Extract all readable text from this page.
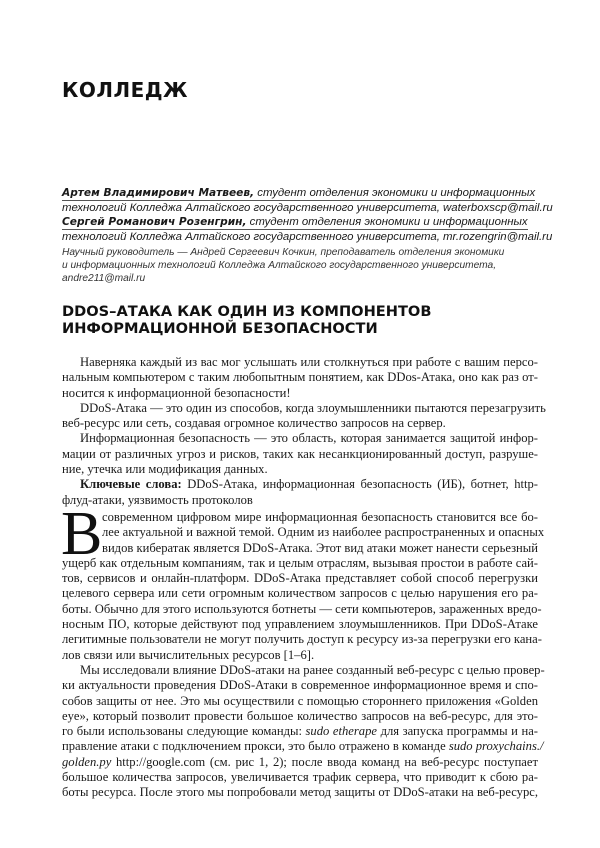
КОЛЛЕДЖ
Артем Владимирович Матвеев, студент отделения экономики и информационных
технологий Колледжа Алтайского государственного университета, waterboxscp@mail.ru
Сергей Романович Розенгрин, студент отделения экономики и информационных
технологий Колледжа Алтайского государственного университета, mr.rozengrin@mail.ru
Научный руководитель — Андрей Сергеевич Кочкин, преподаватель отделения экономики
и информационных технологий Колледжа Алтайского государственного университета,
andre211@mail.ru
DDOS–АТАКА КАК ОДИН ИЗ КОМПОНЕНТОВ
ИНФОРМАЦИОННОЙ БЕЗОПАСНОСТИ
Наверняка каждый из вас мог услышать или столкнуться при работе с вашим персо-
нальным компьютером с таким любопытным понятием, как DDos-Атака, оно как раз от-
носится к информационной безопасности!
DDoS-Атака — это один из способов, когда злоумышленники пытаются перезагрузить
веб-ресурс или сеть, создавая огромное количество запросов на сервер.
Информационная безопасность — это область, которая занимается защитой инфор-
мации от различных угроз и рисков, таких как несанкционированный доступ, разруше-
ние, утечка или модификация данных.
Ключевые слова: DDoS-Атака, информационная безопасность (ИБ), ботнет, http-
флуд-атаки, уязвимость протоколов
В современном цифровом мире информационная безопасность становится все бо-
лее актуальной и важной темой. Одним из наиболее распространенных и опасных
видов кибератак является DDoS-Атака. Этот вид атаки может нанести серьезный
ущерб как отдельным компаниям, так и целым отраслям, вызывая простои в работе сай-
тов, сервисов и онлайн-платформ. DDoS-Атака представляет собой способ перегрузки
целевого сервера или сети огромным количеством запросов с целью нарушения его ра-
боты. Обычно для этого используются ботнеты — сети компьютеров, зараженных вредо-
носным ПО, которые действуют под управлением злоумышленников. При DDoS-Атаке
легитимные пользователи не могут получить доступ к ресурсу из-за перегрузки его кана-
лов связи или вычислительных ресурсов [1–6].
Мы исследовали влияние DDoS-атаки на ранее созданный веб-ресурс с целью провер-
ки актуальности проведения DDoS-Атаки в современное информационное время и спо-
собов защиты от нее. Это мы осуществили с помощью стороннего приложения «Golden
eye», который позволит провести большое количество запросов на веб-ресурс, для это-
го были использованы следующие команды: sudo etherape для запуска программы и на-
правление атаки с подключением прокси, это было отражено в команде sudo proxychains./
golden.py http://google.com (см. рис 1, 2); после ввода команд на веб-ресурс поступает
большое количества запросов, увеличивается трафик сервера, что приводит к сбою ра-
боты ресурса. После этого мы попробовали метод защиты от DDoS-атаки на веб-ресурс,
